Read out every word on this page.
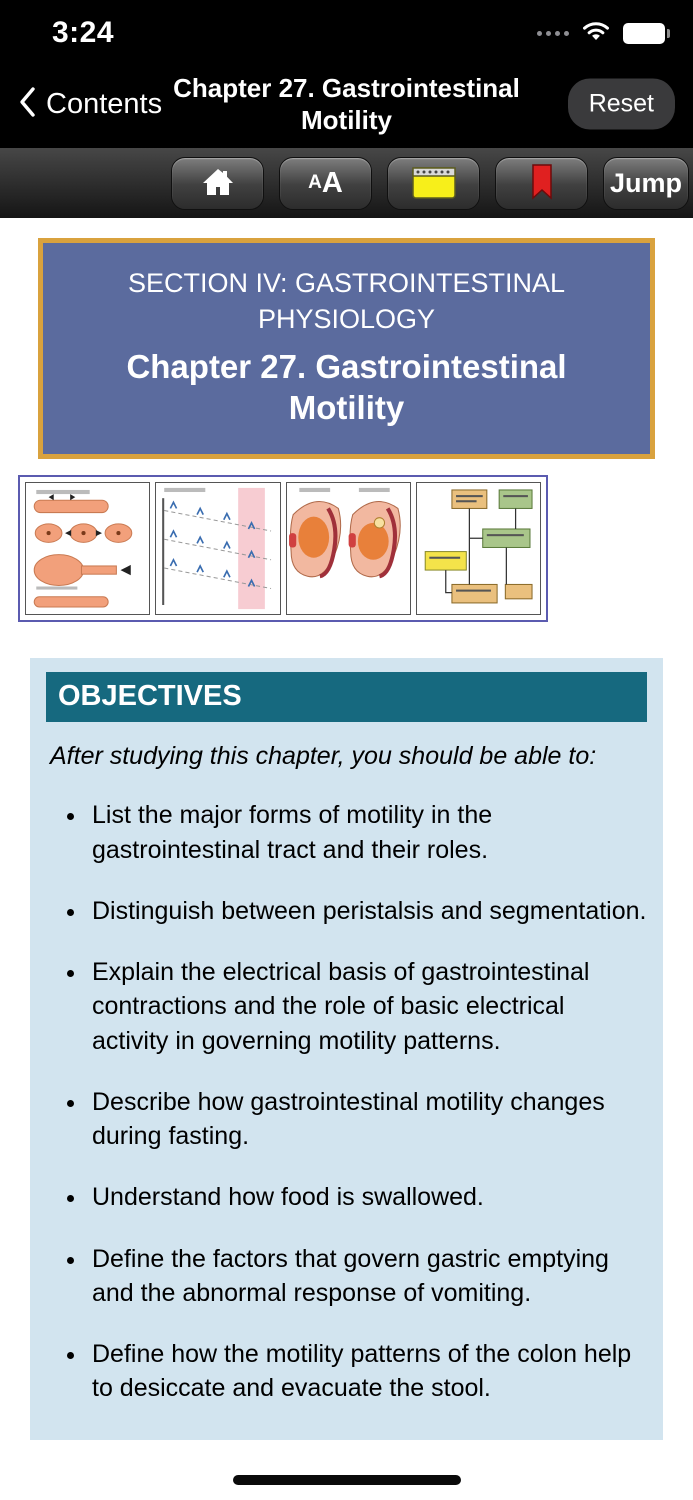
3:24
Contents Chapter 27. Gastrointestinal
Motility
Reset
A A	Jump
SECTION IV: GASTROINTESTINAL
PHYSIOLOGY
Chapter 27. Gastrointestinal
Motility
OBJECTIVES
After studying this chapter, you should be able to:
• List the major forms of motility in the gastrointestinal tract and their roles.
• Distinguish between peristalsis and segmentation.
• Explain the electrical basis of gastrointestinal contractions and the role of basic electrical activity in governing motility patterns.
• Describe how gastrointestinal motility changes during fasting.
• Understand how food is swallowed.
• Define the factors that govern gastric emptying and the abnormal response of vomiting.
• Define how the motility patterns of the colon help to desiccate and evacuate the stool.
